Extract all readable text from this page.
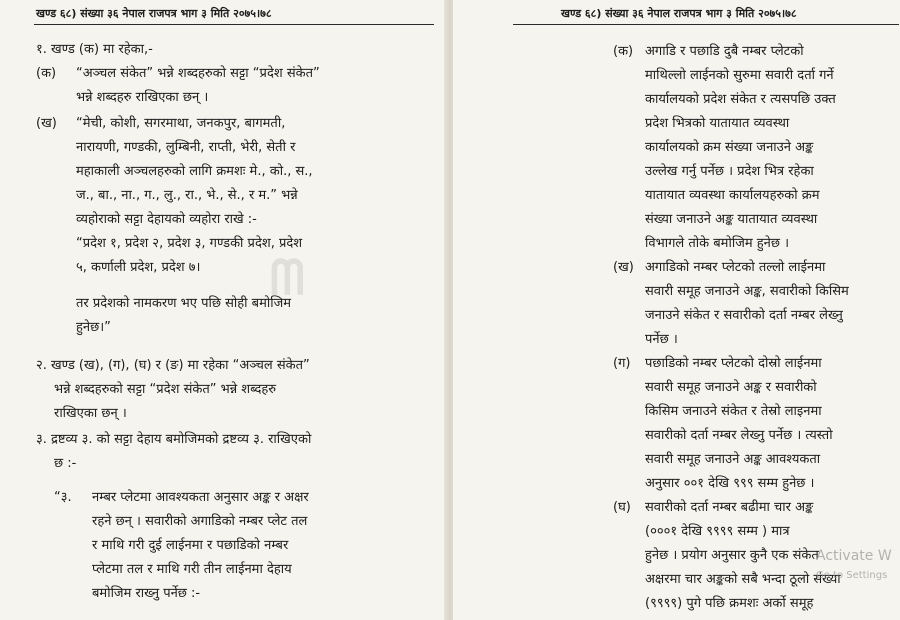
ᗰ
खण्ड ६८) संख्या ३६ नेपाल राजपत्र भाग ३ मिति २०७५।७८
१. खण्ड (क) मा रहेका,-
(क) “अञ्चल संकेत” भन्ने शब्दहरुको सट्टा “प्रदेश संकेत”
भन्ने शब्दहरु राखिएका छन् ।
(ख) “मेची, कोशी, सगरमाथा, जनकपुर, बागमती,
नारायणी, गण्डकी, लुम्बिनी, राप्ती, भेरी, सेती र
महाकाली अञ्चलहरुको लागि क्रमशः मे., को., स.,
ज., बा., ना., ग., लु., रा., भे., से., र म.” भन्ने
व्यहोराको सट्टा देहायको व्यहोरा राखे :-
“प्रदेश १, प्रदेश २, प्रदेश ३, गण्डकी प्रदेश, प्रदेश
५, कर्णाली प्रदेश, प्रदेश ७।
तर प्रदेशको नामकरण भए पछि सोही बमोजिम
हुनेछ।”
२. खण्ड (ख), (ग), (घ) र (ङ) मा रहेका “अञ्चल संकेत”
भन्ने शब्दहरुको सट्टा “प्रदेश संकेत” भन्ने शब्दहरु
राखिएका छन् ।
३. द्रष्टव्य ३. को सट्टा देहाय बमोजिमको द्रष्टव्य ३. राखिएको
छ :-
“३. नम्बर प्लेटमा आवश्यकता अनुसार अङ्क र अक्षर
रहने छन् । सवारीको अगाडिको नम्बर प्लेट तल
र माथि गरी दुई लाईनमा र पछाडिको नम्बर
प्लेटमा तल र माथि गरी तीन लाईनमा देहाय
बमोजिम राख्नु पर्नेछ :-
खण्ड ६८) संख्या ३६ नेपाल राजपत्र भाग ३ मिति २०७५।७८
(क) अगाडि र पछाडि दुबै नम्बर प्लेटको
माथिल्लो लाईनको सुरुमा सवारी दर्ता गर्ने
कार्यालयको प्रदेश संकेत र त्यसपछि उक्त
प्रदेश भित्रको यातायात व्यवस्था
कार्यालयको क्रम संख्या जनाउने अङ्क
उल्लेख गर्नु पर्नेछ । प्रदेश भित्र रहेका
यातायात व्यवस्था कार्यालयहरुको क्रम
संख्या जनाउने अङ्क यातायात व्यवस्था
विभागले तोके बमोजिम हुनेछ ।
(ख) अगाडिको नम्बर प्लेटको तल्लो लाईनमा
सवारी समूह जनाउने अङ्क, सवारीको किसिम
जनाउने संकेत र सवारीको दर्ता नम्बर लेख्नु
पर्नेछ ।
(ग) पछाडिको नम्बर प्लेटको दोस्रो लाईनमा
सवारी समूह जनाउने अङ्क र सवारीको
किसिम जनाउने संकेत र तेस्रो लाइनमा
सवारीको दर्ता नम्बर लेख्नु पर्नेछ । त्यस्तो
सवारी समूह जनाउने अङ्क आवश्यकता
अनुसार ००१ देखि ९९९ सम्म हुनेछ ।
(घ) सवारीको दर्ता नम्बर बढीमा चार अङ्क
(०००१ देखि ९९९९ सम्म ) मात्र
हुनेछ । प्रयोग अनुसार कुनै एक संकेत
अक्षरमा चार अङ्कको सबै भन्दा ठूलो संख्या
(९९९९) पुगे पछि क्रमशः अर्को समूह
Activate W
Go to Settings
